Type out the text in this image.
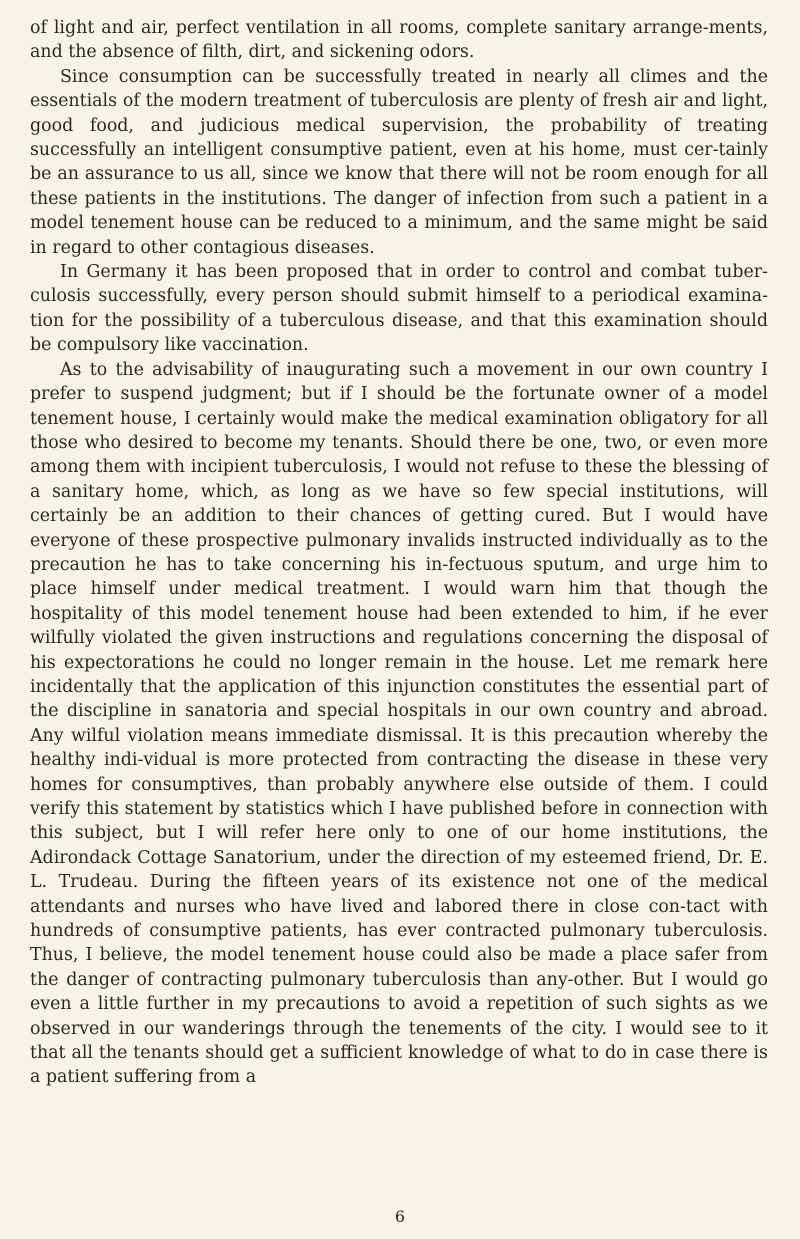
of light and air, perfect ventilation in all rooms, complete sanitary arrange-ments, and the absence of filth, dirt, and sickening odors.

Since consumption can be successfully treated in nearly all climes and the essentials of the modern treatment of tuberculosis are plenty of fresh air and light, good food, and judicious medical supervision, the probability of treating successfully an intelligent consumptive patient, even at his home, must cer-tainly be an assurance to us all, since we know that there will not be room enough for all these patients in the institutions. The danger of infection from such a patient in a model tenement house can be reduced to a minimum, and the same might be said in regard to other contagious diseases.

In Germany it has been proposed that in order to control and combat tuber-culosis successfully, every person should submit himself to a periodical examina-tion for the possibility of a tuberculous disease, and that this examination should be compulsory like vaccination.

As to the advisability of inaugurating such a movement in our own country I prefer to suspend judgment; but if I should be the fortunate owner of a model tenement house, I certainly would make the medical examination obligatory for all those who desired to become my tenants. Should there be one, two, or even more among them with incipient tuberculosis, I would not refuse to these the blessing of a sanitary home, which, as long as we have so few special institutions, will certainly be an addition to their chances of getting cured. But I would have everyone of these prospective pulmonary invalids instructed individually as to the precaution he has to take concerning his in-fectuous sputum, and urge him to place himself under medical treatment. I would warn him that though the hospitality of this model tenement house had been extended to him, if he ever wilfully violated the given instructions and regulations concerning the disposal of his expectorations he could no longer remain in the house. Let me remark here incidentally that the application of this injunction constitutes the essential part of the discipline in sanatoria and special hospitals in our own country and abroad. Any wilful violation means immediate dismissal. It is this precaution whereby the healthy indi-vidual is more protected from contracting the disease in these very homes for consumptives, than probably anywhere else outside of them. I could verify this statement by statistics which I have published before in connection with this subject, but I will refer here only to one of our home institutions, the Adirondack Cottage Sanatorium, under the direction of my esteemed friend, Dr. E. L. Trudeau. During the fifteen years of its existence not one of the medical attendants and nurses who have lived and labored there in close con-tact with hundreds of consumptive patients, has ever contracted pulmonary tuberculosis. Thus, I believe, the model tenement house could also be made a place safer from the danger of contracting pulmonary tuberculosis than any-other. But I would go even a little further in my precautions to avoid a repetition of such sights as we observed in our wanderings through the tenements of the city. I would see to it that all the tenants should get a sufficient knowledge of what to do in case there is a patient suffering from a

6
